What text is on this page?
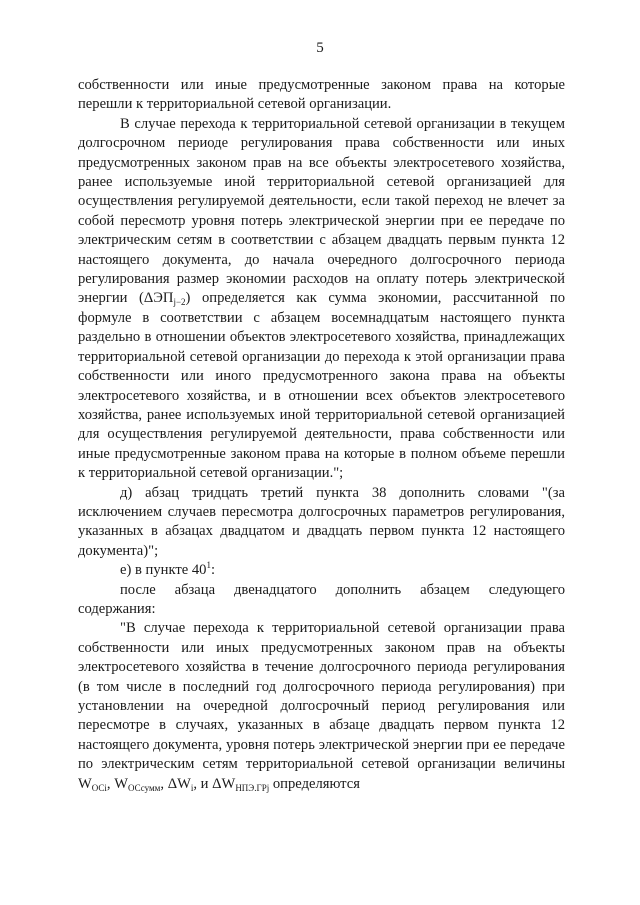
5

собственности или иные предусмотренные законом права на которые перешли к территориальной сетевой организации.

В случае перехода к территориальной сетевой организации в текущем долгосрочном периоде регулирования права собственности или иных предусмотренных законом прав на все объекты электросетевого хозяйства, ранее используемые иной территориальной сетевой организацией для осуществления регулируемой деятельности, если такой переход не влечет за собой пересмотр уровня потерь электрической энергии при ее передаче по электрическим сетям в соответствии с абзацем двадцать первым пункта 12 настоящего документа, до начала очередного долгосрочного периода регулирования размер экономии расходов на оплату потерь электрической энергии $(\Delta ЭП_{j-2})$ определяется как сумма экономии, рассчитанной по формуле в соответствии с абзацем восемнадцатым настоящего пункта раздельно в отношении объектов электросетевого хозяйства, принадлежащих территориальной сетевой организации до перехода к этой организации права собственности или иного предусмотренного закона права на объекты электросетевого хозяйства, и в отношении всех объектов электросетевого хозяйства, ранее используемых иной территориальной сетевой организацией для осуществления регулируемой деятельности, права собственности или иные предусмотренные законом права на которые в полном объеме перешли к территориальной сетевой организации.";

д) абзац тридцать третий пункта 38 дополнить словами "(за исключением случаев пересмотра долгосрочных параметров регулирования, указанных в абзацах двадцатом и двадцать первом пункта 12 настоящего документа)";

е) в пункте $40^1$:

после абзаца двенадцатого дополнить абзацем следующего содержания:

"В случае перехода к территориальной сетевой организации права собственности или иных предусмотренных законом прав на объекты электросетевого хозяйства в течение долгосрочного периода регулирования (в том числе в последний год долгосрочного периода регулирования) при установлении на очередной долгосрочный период регулирования или пересмотре в случаях, указанных в абзаце двадцать первом пункта 12 настоящего документа, уровня потерь электрической энергии при ее передаче по электрическим сетям территориальной сетевой организации величины $W_{ОСi}$, $W_{ОСсумм}$, $\Delta W_i$, и $\Delta W_{НПЭ.ГРj}$ определяются
